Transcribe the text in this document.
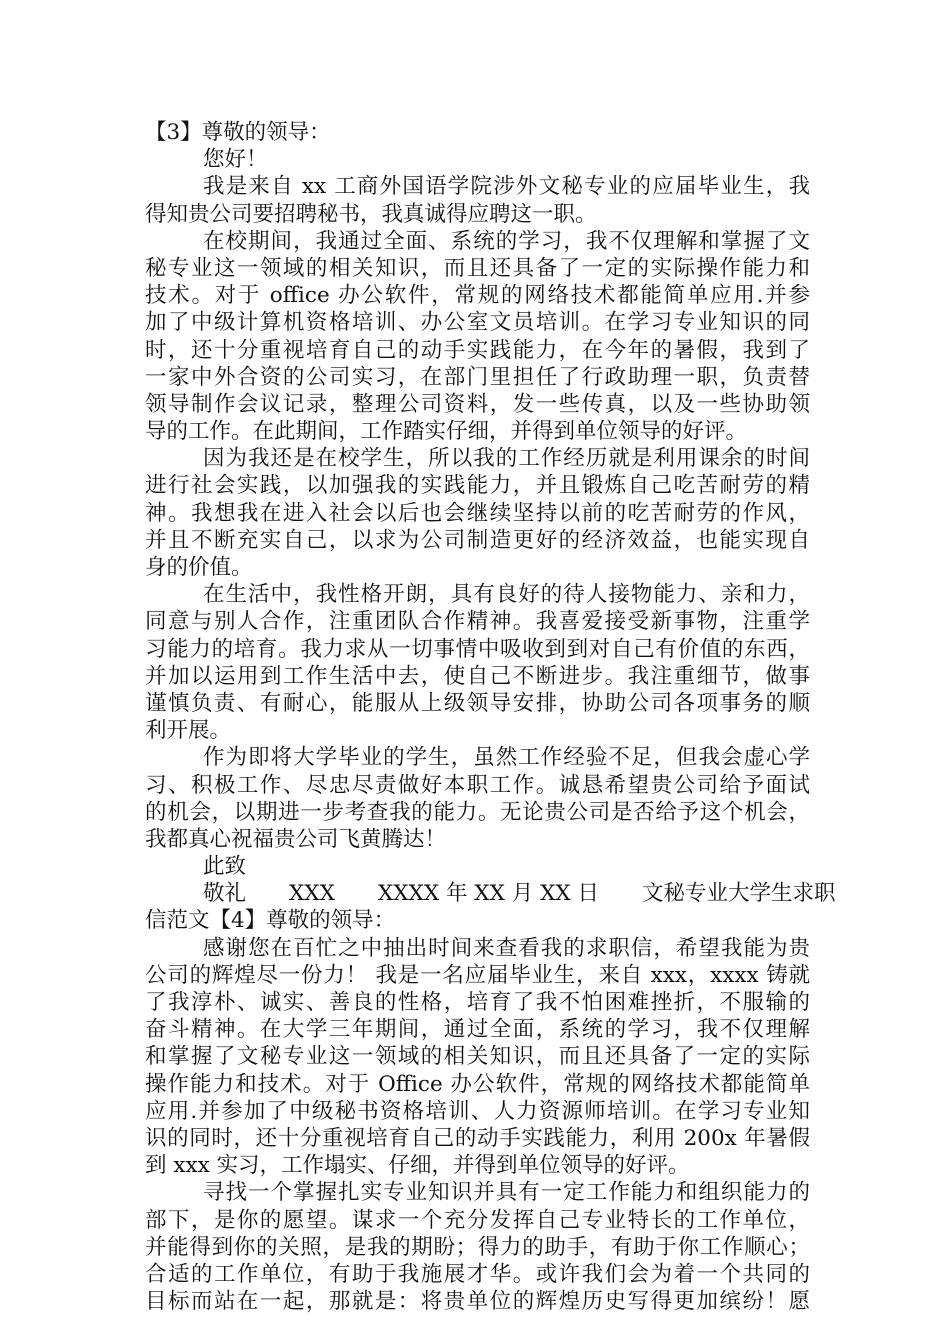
【3】尊敬的领导：
您好！
我是来自 xx 工商外国语学院涉外文秘专业的应届毕业生，我
得知贵公司要招聘秘书，我真诚得应聘这一职。
在校期间，我通过全面、系统的学习，我不仅理解和掌握了文
秘专业这一领域的相关知识，而且还具备了一定的实际操作能力和
技术。对于 office 办公软件，常规的网络技术都能简单应用.并参
加了中级计算机资格培训、办公室文员培训。在学习专业知识的同
时，还十分重视培育自己的动手实践能力，在今年的暑假，我到了
一家中外合资的公司实习，在部门里担任了行政助理一职，负责替
领导制作会议记录，整理公司资料，发一些传真，以及一些协助领
导的工作。在此期间，工作踏实仔细，并得到单位领导的好评。
因为我还是在校学生，所以我的工作经历就是利用课余的时间
进行社会实践，以加强我的实践能力，并且锻炼自己吃苦耐劳的精
神。我想我在进入社会以后也会继续坚持以前的吃苦耐劳的作风，
并且不断充实自己，以求为公司制造更好的经济效益，也能实现自
身的价值。
在生活中，我性格开朗，具有良好的待人接物能力、亲和力，
同意与别人合作，注重团队合作精神。我喜爱接受新事物，注重学
习能力的培育。我力求从一切事情中吸收到到对自己有价值的东西，
并加以运用到工作生活中去，使自己不断进步。我注重细节，做事
谨慎负责、有耐心，能服从上级领导安排，协助公司各项事务的顺
利开展。
作为即将大学毕业的学生，虽然工作经验不足，但我会虚心学
习、积极工作、尽忠尽责做好本职工作。诚恳希望贵公司给予面试
的机会，以期进一步考查我的能力。无论贵公司是否给予这个机会，
我都真心祝福贵公司飞黄腾达！
此致
敬礼　　XXX　　XXXX 年 XX 月 XX 日　　文秘专业大学生求职
信范文【4】尊敬的领导：
感谢您在百忙之中抽出时间来查看我的求职信，希望我能为贵
公司的辉煌尽一份力！ 我是一名应届毕业生，来自 xxx，xxxx 铸就
了我淳朴、诚实、善良的性格，培育了我不怕困难挫折，不服输的
奋斗精神。在大学三年期间，通过全面，系统的学习，我不仅理解
和掌握了文秘专业这一领域的相关知识，而且还具备了一定的实际
操作能力和技术。对于 Office 办公软件，常规的网络技术都能简单
应用.并参加了中级秘书资格培训、人力资源师培训。在学习专业知
识的同时，还十分重视培育自己的动手实践能力，利用 200x 年暑假
到 xxx 实习，工作塌实、仔细，并得到单位领导的好评。
寻找一个掌握扎实专业知识并具有一定工作能力和组织能力的
部下，是你的愿望。谋求一个充分发挥自己专业特长的工作单位，
并能得到你的关照，是我的期盼；得力的助手，有助于你工作顺心；
合适的工作单位，有助于我施展才华。或许我们会为着一个共同的
目标而站在一起，那就是：将贵单位的辉煌历史写得更加缤纷！愿
